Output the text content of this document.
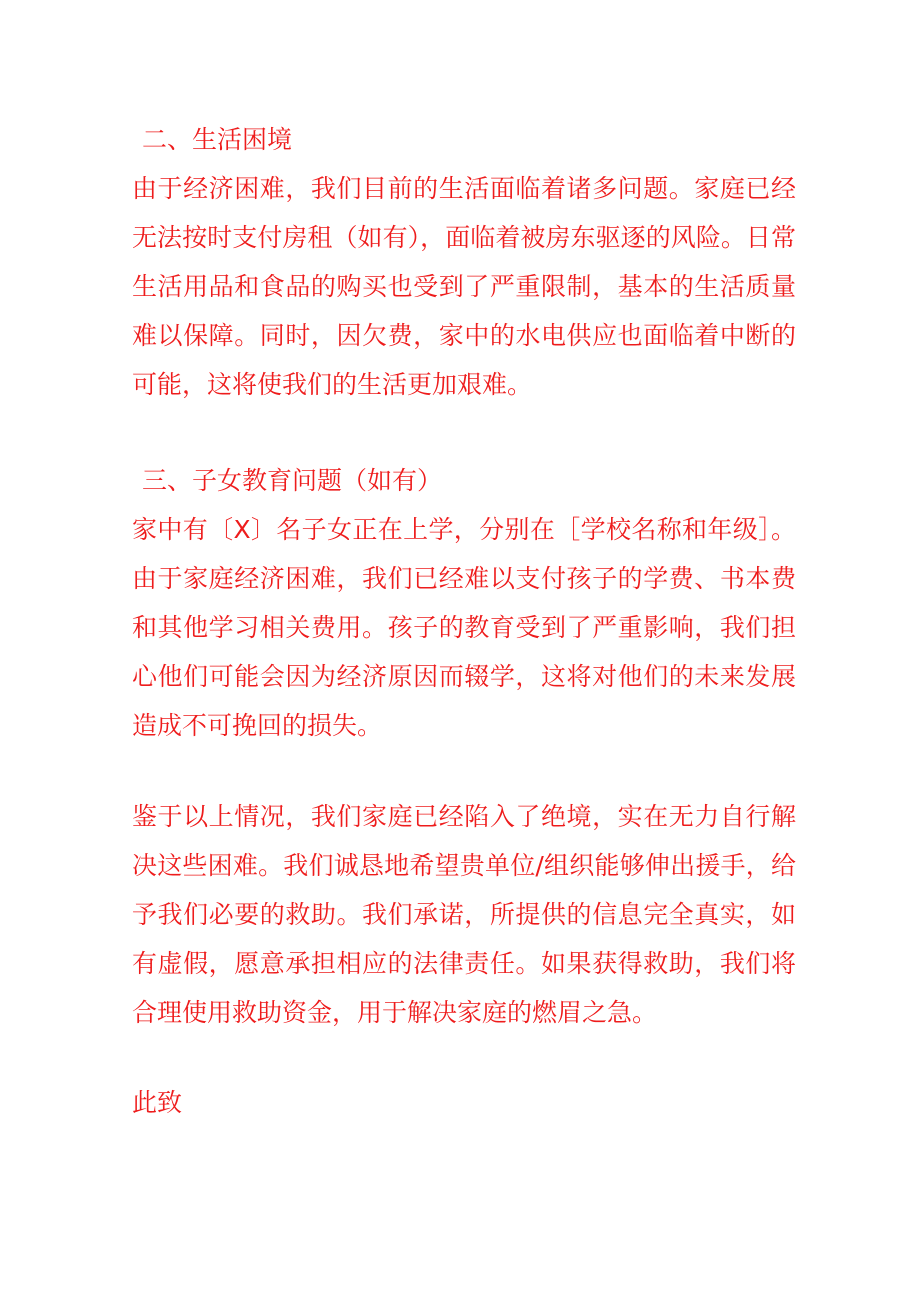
二、生活困境

由于经济困难，我们目前的生活面临着诸多问题。家庭已经无法按时支付房租（如有），面临着被房东驱逐的风险。日常生活用品和食品的购买也受到了严重限制，基本的生活质量难以保障。同时，因欠费，家中的水电供应也面临着中断的可能，这将使我们的生活更加艰难。

三、子女教育问题（如有）

家中有〔X〕名子女正在上学，分别在［学校名称和年级］。由于家庭经济困难，我们已经难以支付孩子的学费、书本费和其他学习相关费用。孩子的教育受到了严重影响，我们担心他们可能会因为经济原因而辍学，这将对他们的未来发展造成不可挽回的损失。

鉴于以上情况，我们家庭已经陷入了绝境，实在无力自行解决这些困难。我们诚恳地希望贵单位/组织能够伸出援手，给予我们必要的救助。我们承诺，所提供的信息完全真实，如有虚假，愿意承担相应的法律责任。如果获得救助，我们将合理使用救助资金，用于解决家庭的燃眉之急。

此致
